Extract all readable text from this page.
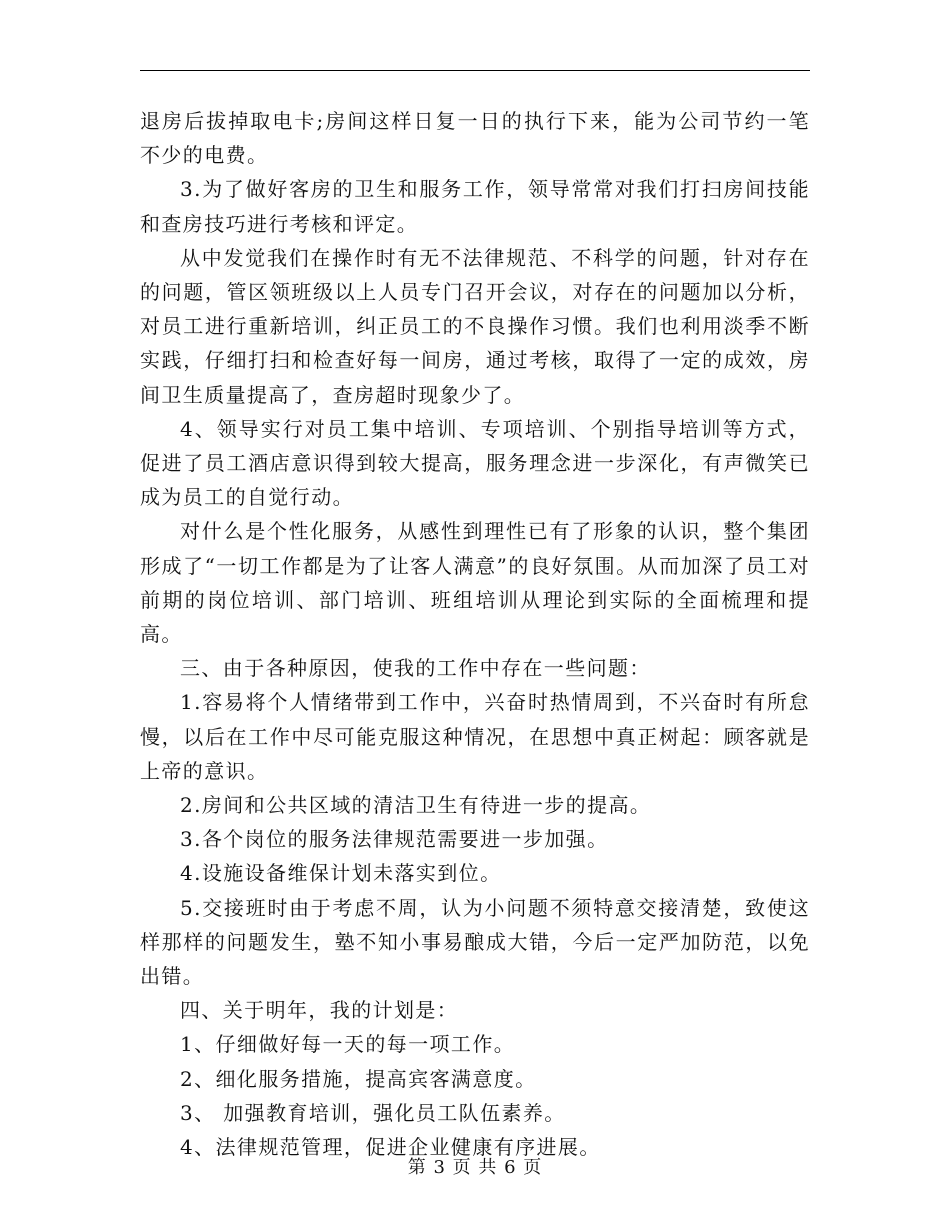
退房后拔掉取电卡;房间这样日复一日的执行下来，能为公司节约一笔不少的电费。

3.为了做好客房的卫生和服务工作，领导常常对我们打扫房间技能和查房技巧进行考核和评定。

从中发觉我们在操作时有无不法律规范、不科学的问题，针对存在的问题，管区领班级以上人员专门召开会议，对存在的问题加以分析，对员工进行重新培训，纠正员工的不良操作习惯。我们也利用淡季不断实践，仔细打扫和检查好每一间房，通过考核，取得了一定的成效，房间卫生质量提高了，查房超时现象少了。

4、领导实行对员工集中培训、专项培训、个别指导培训等方式，促进了员工酒店意识得到较大提高，服务理念进一步深化，有声微笑已成为员工的自觉行动。

对什么是个性化服务，从感性到理性已有了形象的认识，整个集团形成了“一切工作都是为了让客人满意”的良好氛围。从而加深了员工对前期的岗位培训、部门培训、班组培训从理论到实际的全面梳理和提高。

三、由于各种原因，使我的工作中存在一些问题：

1.容易将个人情绪带到工作中，兴奋时热情周到，不兴奋时有所怠慢，以后在工作中尽可能克服这种情况，在思想中真正树起：顾客就是上帝的意识。

2.房间和公共区域的清洁卫生有待进一步的提高。

3.各个岗位的服务法律规范需要进一步加强。

4.设施设备维保计划未落实到位。

5.交接班时由于考虑不周，认为小问题不须特意交接清楚，致使这样那样的问题发生，塾不知小事易酿成大错，今后一定严加防范，以免出错。

四、关于明年，我的计划是：

1、仔细做好每一天的每一项工作。

2、细化服务措施，提高宾客满意度。

3、 加强教育培训，强化员工队伍素养。

4、法律规范管理，促进企业健康有序进展。

第 3 页 共 6 页
